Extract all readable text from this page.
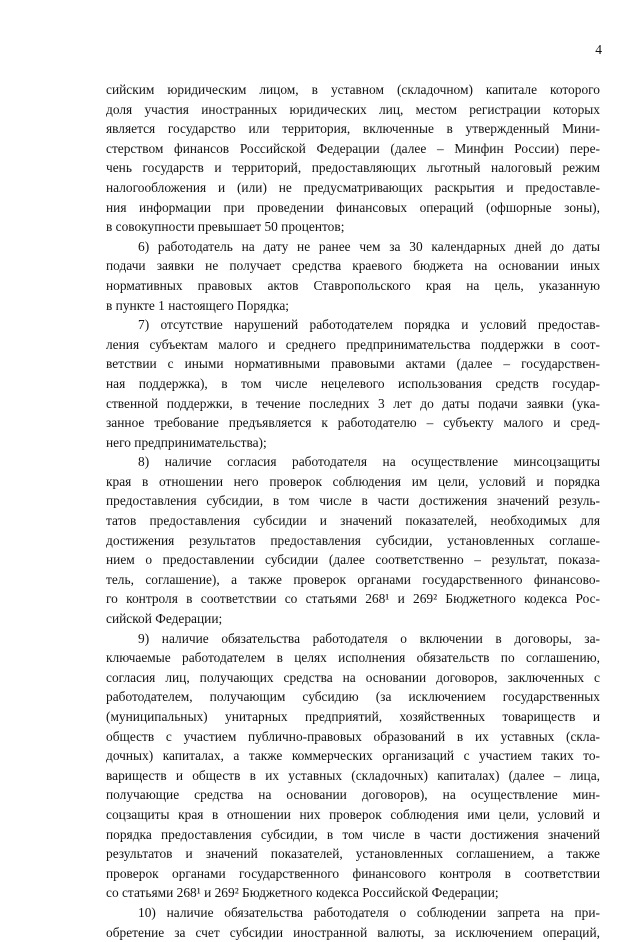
4
сийским юридическим лицом, в уставном (складочном) капитале которого
доля участия иностранных юридических лиц, местом регистрации которых
является государство или территория, включенные в утвержденный Мини-
стерством финансов Российской Федерации (далее – Минфин России) пере-
чень государств и территорий, предоставляющих льготный налоговый режим
налогообложения и (или) не предусматривающих раскрытия и предоставле-
ния информации при проведении финансовых операций (офшорные зоны),
в совокупности превышает 50 процентов;
6) работодатель на дату не ранее чем за 30 календарных дней до даты
подачи заявки не получает средства краевого бюджета на основании иных
нормативных правовых актов Ставропольского края на цель, указанную
в пункте 1 настоящего Порядка;
7) отсутствие нарушений работодателем порядка и условий предостав-
ления субъектам малого и среднего предпринимательства поддержки в соот-
ветствии с иными нормативными правовыми актами (далее – государствен-
ная поддержка), в том числе нецелевого использования средств государ-
ственной поддержки, в течение последних 3 лет до даты подачи заявки (ука-
занное требование предъявляется к работодателю – субъекту малого и сред-
него предпринимательства);
8) наличие согласия работодателя на осуществление минсоцзащиты
края в отношении него проверок соблюдения им цели, условий и порядка
предоставления субсидии, в том числе в части достижения значений резуль-
татов предоставления субсидии и значений показателей, необходимых для
достижения результатов предоставления субсидии, установленных соглаше-
нием о предоставлении субсидии (далее соответственно – результат, показа-
тель, соглашение), а также проверок органами государственного финансово-
го контроля в соответствии со статьями 268¹ и 269² Бюджетного кодекса Рос-
сийской Федерации;
9) наличие обязательства работодателя о включении в договоры, за-
ключаемые работодателем в целях исполнения обязательств по соглашению,
согласия лиц, получающих средства на основании договоров, заключенных с
работодателем, получающим субсидию (за исключением государственных
(муниципальных) унитарных предприятий, хозяйственных товариществ и
обществ с участием публично-правовых образований в их уставных (скла-
дочных) капиталах, а также коммерческих организаций с участием таких то-
вариществ и обществ в их уставных (складочных) капиталах) (далее – лица,
получающие средства на основании договоров), на осуществление мин-
соцзащиты края в отношении них проверок соблюдения ими цели, условий и
порядка предоставления субсидии, в том числе в части достижения значений
результатов и значений показателей, установленных соглашением, а также
проверок органами государственного финансового контроля в соответствии
со статьями 268¹ и 269² Бюджетного кодекса Российской Федерации;
10) наличие обязательства работодателя о соблюдении запрета на при-
обретение за счет субсидии иностранной валюты, за исключением операций,
